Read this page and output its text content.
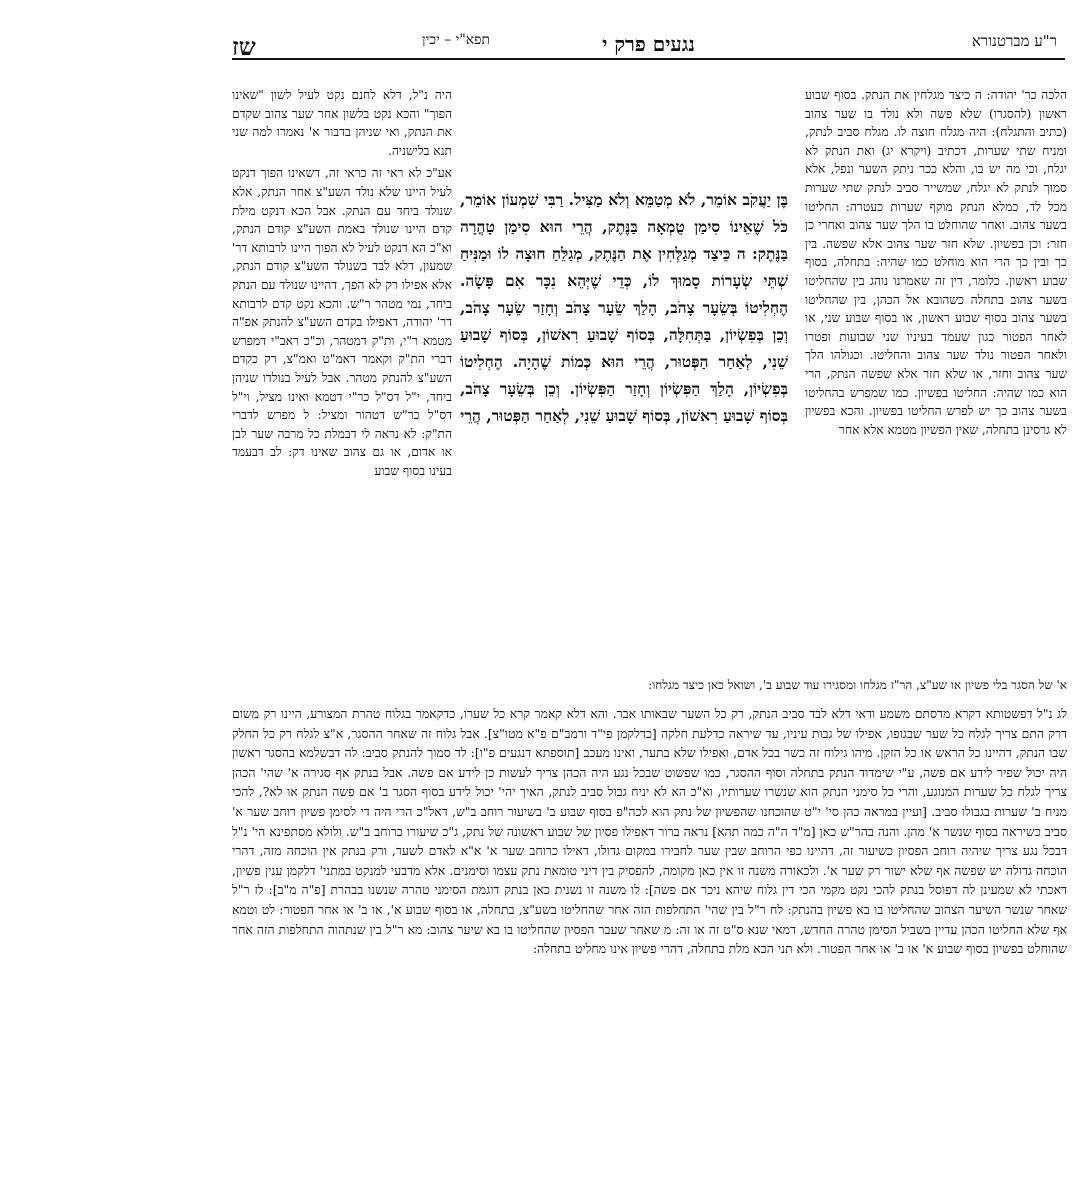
ר"ע מברטנורא
נגעים פרק י
תפא"י – יכין
שז

הלכה כר' יהודה: ה כיצד מגלחין את הנתק. בסוף שבוע ראשון (להסגרו) שלא פשה ולא נולד בו שער צהוב (כתיב והתגלח): היה מגלח חוצה לו. מגלח סביב לנתק, ומניח שתי שערות, דכתיב (ויקרא יג) ואת הנתק לא יגלח, וכי מה יש בו, והלא ככר ניתק השער ונפל, אלא סמוך לנתק לא יגלח, שמשייר סביב לנתק שתי שערות מכל לד, כמלא הנתק מוקף שערות כעטרה: החליטו בשער צהוב. ואחר שהוחלט בו הלך שער צהוב ואחרי כן חזר: וכן בפשיון. שלא חזר שער צהוב אלא שפשה. בין כך ובין כך הרי הוא מוחלט כמו שהיה: בתחלה, בסוף שבוע ראשון. כלומר, דין זה שאמרנו נוהג בין שהחליטו בשער צהוב בתחלה כשהובא אל הכהן, בין שהחליטו בשער צהוב בסוף שבוע ראשון, או בסוף שבוע שני, או לאחר הפטור כגון שעמד בעיניו שני שבועות ופטרו ולאחר הפטור נולד שער צהוב והחליטו. וכגולהו הלך שער צהוב וחזר, או שלא חזר אלא שפשה הנתק, הרי הוא כמו שהיה: החליטו בפשיון. כמו שמפרש בהחליטו בשער צהוב כך יש לפרש החליטו בפשיון. והכא בפשיון לא גרסינן בתחלה, שאין הפשיון מטמא אלא אחר

היה נ"ל, דלא לחנם נקט לעיל לשון "שאינו הפוך" והכא נקט בלשון אחר שער צהוב שקדם את הנתק, ואי שניהן בדבור א' נאמרו למה שני תנא בלישניה.

אע"כ לא ראי זה כראי זה, דשאינו הפוך דנקט לעיל היינו שלא נולד השע"צ אחר הנתק, אלא שנולד ביחד עם הנתק. אבל הכא דנקט מילת קדם היינו שנולד באמת השע"צ קודם הנתק, וא"כ הא דנקט לעיל לא הפוך היינו לרבותא דר' שמעון, דלא לבד בשנולד השע"צ קודם הנתק, אלא אפילו רק לא הפך, דהיינו שנולד עם הנתק ביחד, נמי מטהר ר"ש. והכא נקט קדם לרבותא דר' יהודה, דאפילו בקדם השע"צ להנתק אפ"ה מטמא ר"י, ות"ק דמטהר, וכ"כ ראב"י דמפרש דברי הת"ק וקאמר דאמ"ט ואמ"צ, רק כקדם השע"צ להנתק מטהר. אבל לעיל בנולדו שניהן ביחד, י"ל דס"ל כר"י דטמא ואינו מציל, וי"ל דס"ל כר"ש דטהור ומציל: ל מפרש לדברי הת"ק: לא נראה לי דבמלת כל מרבה שער לבן או אדום, או גם צהוב שאינו דק: לב דבעמד בעינו בסוף שבוע

בֶּן יַעֲקֹב אוֹמֵר, לֹא מְטַמֵּא וְלֹא מַצִּיל. רַבִּי שִׁמְעוֹן אוֹמֵר, כֹּל שֶׁאֵינוֹ סִימַן טֻמְאָה בַּנֶּתֶק, הֲרֵי הוּא סִימַן טָהֳרָה בַּנֶּתֶק: ה כֵּיצַד מְגַלְּחִין אֶת הַנֶּתֶק, מְגַלֵּחַ חוּצָה לוֹ וּמַנִּיחַ שְׁתֵּי שְׂעָרוֹת סָמוּךְ לוֹ, כְּדֵי שֶׁיְּהֵא נִכָּר אִם פָּשָׂה. הֶחְלִיטוֹ בְּשֵׂעָר צָהֹב, הָלַךְ שֵׂעָר צָהֹב וְחָזַר שֵׂעָר צָהֹב, וְכֵן בְּפִשְׂיוֹן, בַּתְּחִלָּה, בְּסוֹף שָׁבוּעַ רִאשׁוֹן, בְּסוֹף שָׁבוּעַ שֵׁנִי, לְאַחַר הַפְּטוּר, הֲרֵי הוּא כְּמוֹת שֶׁהָיָה. הֶחְלִיטוֹ בְּפִשְׂיוֹן, הָלַךְ הַפִּשְׂיוֹן וְחָזַר הַפִּשְׂיוֹן. וְכֵן בְּשֵׂעָר צָהֹב, בְּסוֹף שָׁבוּעַ רִאשׁוֹן, בְּסוֹף שָׁבוּעַ שֵׁנִי, לְאַחַר הַפְּטוּר, הֲרֵי

א' של הסגר בלי פשיון או שע"צ, הר"ז מגלחו ומסגירו עוד שבוע ב', ושואל כאן כיצד מגלחו:

לג נ"ל דפשטותא דקרא מדסתם משמע ודאי דלא לבד סביב הנתק, רק כל השער שבאותו אבר. והא דלא קאמר קרא כל שערו, כדקאמר בגלוח טהרת המצורע, היינו רק משום דרק התם צריך לגלח כל שער שבגופו, אפילו של גבות עיניו, עד שיראה כדלעת חלקה [כדלקמן פי"ד ורמב"ם פ"א מטו"צ]. אבל גלוח זה שאחר ההסגר, א"צ לגלח רק כל החלק שבו הנתק, דהיינו כל הראש או כל הזקן. מיהו גילוח זה כשר בכל אדם, ואפילו שלא בתער, ואינו מעכב [תוספתא דנגעים פ"ו]: לד סמוך להנתק סביב: לה דבשלמא בהסגר ראשון היה יכול שפיר לידע אם פשה, ע"י שימדוד הנתק בתחלה וסוף ההסגר, כמו שפשוט שבכל נגע היה הכהן צריך לעשות כן לידע אם פשה. אבל בנתק אף סגירה א' שהי' הכהן צריך לגלח כל שערות המנוגע, והרי כל סימני הנתק הוא שנשרו שערותיו, וא"כ הא לא יניח גבול סביב לנתק, האיך יהי' יכול לידע בסוף הסגר ב' אם פשה הנתק או לא?, להכי מניח ב' שערות בגבולו סביב. [ועיין במראה כהן סי' י"ט שהוכחנו שהפשיון של נתק הוא לכה"פ בסוף שבוע ב' בשיעור רוחב ב"ש, דאל"כ הרי היה די לסימן פשיון רוחב שער א' סביב כשיראה בסוף שנשר א' מהן. והנה בהר"ש כאן [מ"ד ה"ה כמה תהא] נראה ברור דאפילו פסיון של שבוע ראשונה של נתק, ג"כ שיעורו כרוחב ב"ש. ולולא מסתפינא הי' נ"ל דבכל נגע צריך שיהיה רוחב הפסיון כשיעור זה, דהיינו כפי הרוחב שבין שער לחבירו במקום גדולו, דאילו כרוחב שער א' א"א לאדם לשער, ורק בנתק אין הוכחה מזה, דהרי הוכחה גדולה יש שפשה אף שלא ישור רק שער א'. ולכאורה משנה זו אין כאן מקומה, להפסיק בין דיני טומאת נתק עצמו וסימנים. אלא מדבעי למנקט במתני' דלקמן ענין פשיון, דאכתי לא שמעינן לה דפוסל בנתק להכי נקט מקמי הכי דין גלוח שיהא ניכר אם פשה]: לו משנה זו נשנית כאן בנתק דוגמת הסימני טהרה שנשנו בבהרת [פ"ה מ"ב]: לז ר"ל שאחר שנשר השיער הצהוב שהחליטו בו בא פשיון בהנתק: לח ר"ל בין שהי' התחלפות הזה אחר שהחליטו בשע"צ, בתחלה, או בסוף שבוע א', או ב' או אחר הפטור: לט וטמא אף שלא החליטו הכהן עדיין בשביל הסימן טהרה החדש, דמאי שנא ס"ט זה או זה: מ שאחר שעבר הפסיון שהחליטו בו בא שיער צהוב: מא ר"ל בין שנתהוה התחלפות הזה אחר שהוחלט בפשיון בסוף שבוע א' או ב' או אחר הפטור. ולא תני הכא מלת בתחלה, דהרי פשיון אינו מחליט בתחלה:
